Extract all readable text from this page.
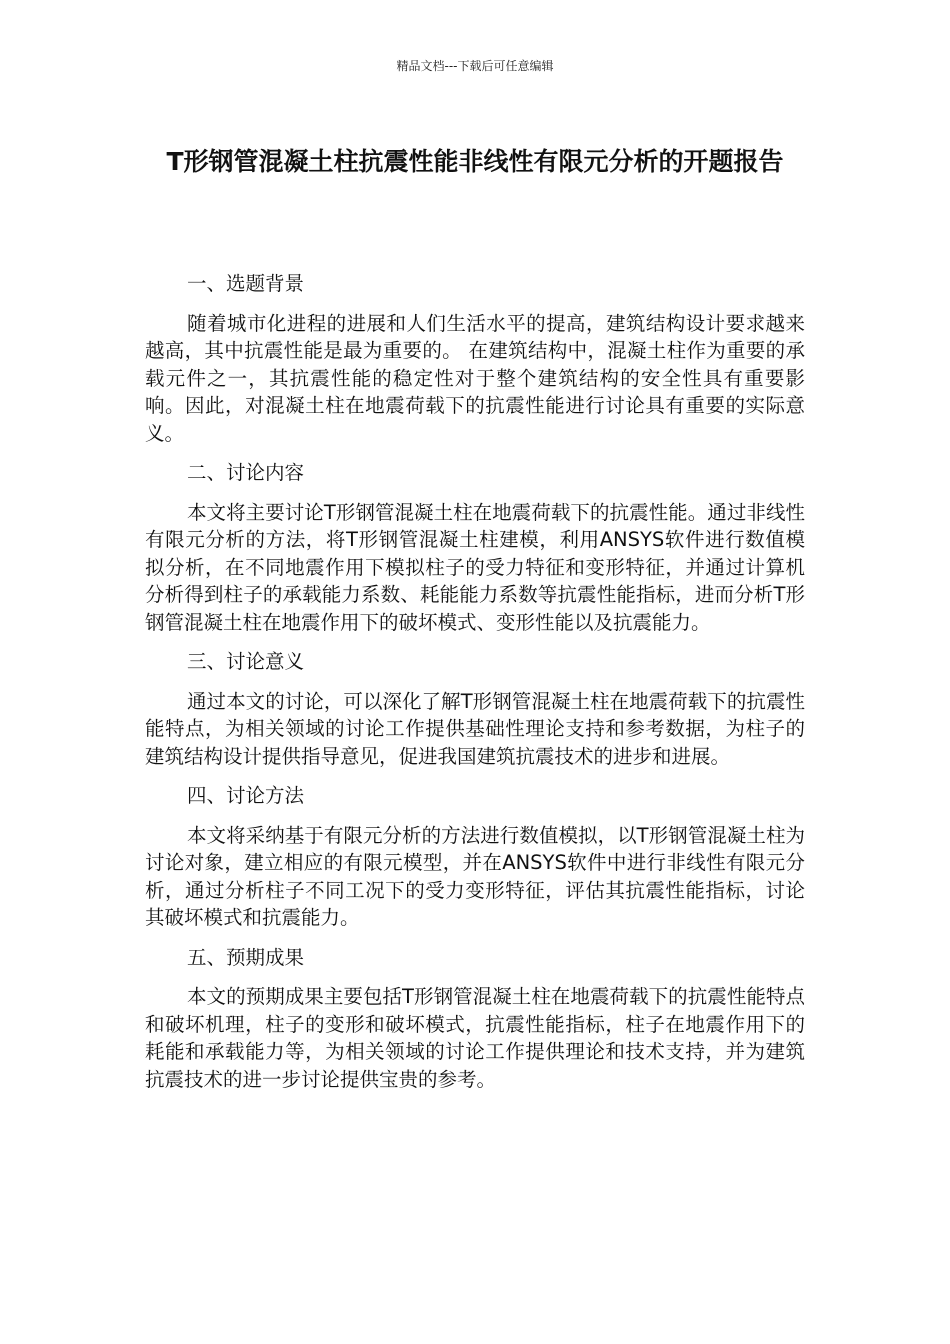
精品文档---下载后可任意编辑
T形钢管混凝土柱抗震性能非线性有限元分析的开题报告

一、选题背景

随着城市化进程的进展和人们生活水平的提高，建筑结构设计要求越来越高，其中抗震性能是最为重要的。 在建筑结构中，混凝土柱作为重要的承载元件之一，其抗震性能的稳定性对于整个建筑结构的安全性具有重要影响。因此，对混凝土柱在地震荷载下的抗震性能进行讨论具有重要的实际意义。

二、讨论内容

本文将主要讨论T形钢管混凝土柱在地震荷载下的抗震性能。通过非线性有限元分析的方法，将T形钢管混凝土柱建模，利用ANSYS软件进行数值模拟分析，在不同地震作用下模拟柱子的受力特征和变形特征，并通过计算机分析得到柱子的承载能力系数、耗能能力系数等抗震性能指标，进而分析T形钢管混凝土柱在地震作用下的破坏模式、变形性能以及抗震能力。

三、讨论意义

通过本文的讨论，可以深化了解T形钢管混凝土柱在地震荷载下的抗震性能特点，为相关领域的讨论工作提供基础性理论支持和参考数据，为柱子的建筑结构设计提供指导意见，促进我国建筑抗震技术的进步和进展。

四、讨论方法

本文将采纳基于有限元分析的方法进行数值模拟，以T形钢管混凝土柱为讨论对象，建立相应的有限元模型，并在ANSYS软件中进行非线性有限元分析，通过分析柱子不同工况下的受力变形特征，评估其抗震性能指标，讨论其破坏模式和抗震能力。

五、预期成果

本文的预期成果主要包括T形钢管混凝土柱在地震荷载下的抗震性能特点和破坏机理，柱子的变形和破坏模式，抗震性能指标，柱子在地震作用下的耗能和承载能力等，为相关领域的讨论工作提供理论和技术支持，并为建筑抗震技术的进一步讨论提供宝贵的参考。
